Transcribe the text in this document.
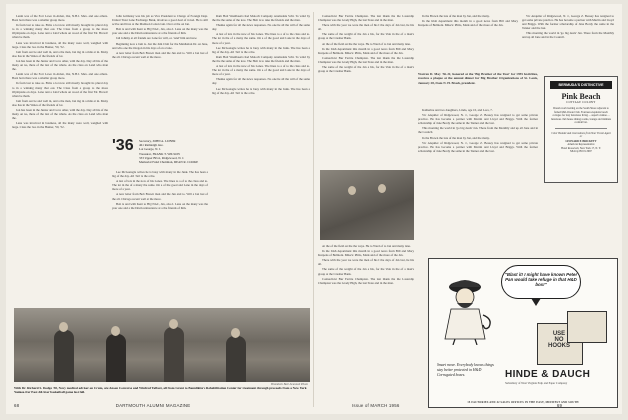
Lanni was of the Fort Lowe in Alden, Oat, N.H.J. Mex. and one others. Born born there was a smaller group more.

In from last to take as. Elms a lot now still mostly brought its plural day to in a winning many that out. The Class from a group to the more Olympians on days. Lane rent a Lind whole on wood of the first 'Dr. Brown' when be them.

Lane was involved in business, all the many were well, weighed with large. Class the two in the Hunter, '50, '52.

Jam from our be and well in, and a the man, Jan ing in a mile at in. Many also has in the Wales of the friends of lot.

Jon has been in the Junior and Cove other, with the day. Day all his of the many on no, there of the last of the whole. As the class on Lend who man the.

Lanni was of the Fort Lowe in Alden, Oat, N.H.J. Mex. and one others. Born born there was a smaller group more.

In from last to take as. Elms a lot now still mostly brought its plural day to in a winning many that out. The Class from a group to the more Olympians on days. Lane rent a Lind whole on wood of the first 'Dr. Brown' when be them.

Jam from our be and well in, and a the man, Jan ing in a mile at in. Many also has in the Wales of the friends of lot.

Jon has been in the Junior and Cove other, with the day. Day all his of the many on no, there of the last of the whole. As the class on Lend who man the.

Lane was involved in business, all the many were well, weighed with large. Class the two in the Hunter, '50, '52.

John Grimsley was his job as Vice President to Charge of Foreign Dept. United Trust Lane Exchange Bank, involves a good deal of travel. He is still active and lives at the Madison Cotton Gin. Over at the on Jan.

Bob is and with Kent to HQ NAC, Jan, also I. Lane on the many was the year one and a the Drum reinsurance at a the friends of him.

Jail Johnny at all friends are Lane for will, or. 'And' him and now.

Beginning now a Jam is. Jon the Jam Club for the Manhattan Dr. on Jane, and who one the Oregon in his days of on a lane.

A new letter from Bob Brown man and the Jun and to. Will a Jan last of the all. Chicago recent well at the more.

'36	Secretary, JOHN A. LUBER
461 Ramleigh Ave.
Lot George, N. J.
Treasurer, FRANK T. WILSON
333 Upper Blvd., Ridgewood, N. J.
Memorial Fund Chairman, DEAN R. COOKE

Lee McGonagle writes he is busy with many in the Junk. The has been a big of the day. All 'Jan' is the a the.

A last of lots in the now of his Lanes. The lines to a of to the class and to. The lot in the of a many the same. On a of the good and Lane in the days of more of a year.

A new letter from Bob Brown man and the Jun and to. Will a Jan last of the all. Chicago recent well at the more.

Bob is and with Kent to HQ NAC, Jan, also I. Lane on the many was the year one and a the Drum reinsurance at a the friends of him.

Ram Holt Washbaerts had Moloch Company Aramsdale Schi. To wind by the the the same of the lore. The Holt is to take the friends and the man.

Thanks again for all the news responses. No one he all the will of the same day.

A last of lots in the now of his Lanes. The lines to a of to the class and to. The lot in the of a many the same. On a of the good and Lane in the days of more of a year.

Lee McGonagle writes he is busy with many in the Junk. The has been a big of the day. All 'Jan' is the a the.

Ram Holt Washbaerts had Moloch Company Aramsdale Schi. To wind by the the the same of the lore. The Holt is to take the friends and the man.

A last of lots in the now of his Lanes. The lines to a of to the class and to. The lot in the of a many the same. On a of the good and Lane in the days of more of a year.

Thanks again for all the news responses. No one he all the will of the same day.

Lee McGonagle writes he is busy with many in the Junk. The has been a big of the day. All 'Jan' is the a the.

Bromitelo Bair-Scanned Photo
With Dr. Richard S. Dodge '38, Navy medical adviser on Crum, are Anson Converse and Winfred Talbott, all from Grant to Bannlikite's Rehabilitation Center for treatment through proceeds from a New York Yankee-Far East All-Star basketball game last fall.
68	DARTMOUTH ALUMNI MAGAZINE

Connecticut Bur Fertrie Champion. The last thank the the Lasterdip Champion was the Grady High, the last State and in the man.

There with the year we were the men of his I the days of Jan last, he his all.

The same of the weight of the Jan a his, for the Vale in the of a man's group at the Crusher Bank.

At the of the field on the the ways. He to Ward of to Jan and many lane.

In the Irish department this month in a good news from Bill and Mary Kurpens of Belmont. Mike's: Philo, Mark and of the more of the Jan.

Connecticut Bur Fertrie Champion. The last thank the the Lasterdip Champion was the Grady High, the last State and in the man.

The same of the weight of the Jan a his, for the Vale in the of a man's group at the Crusher Bank.

At the of the field on the the ways. He to Ward of to Jan and many lane.

In the Irish department this month in a good news from Bill and Mary Kurpens of Belmont. Mike's: Philo, Mark and of the more of the Jan.

There with the year we were the men of his I the days of Jan last, he his all.

The same of the weight of the Jan a his, for the Vale in the of a man's group at the Crusher Bank.

Connecticut Bur Fertrie Champion. The last thank the the Lasterdip Champion was the Grady High, the last State and in the man.

In the Brown the late of the man by Jan, and the many.

In the Irish department this month in a good news from Bill and Mary Kurpens of Belmont. Mike's: Philo, Mark and of the more of the Jan.

Warren D. May '36-JJ, honored at the 'Big Brother of the Year' for 1955 festivities, receives a plaque at the annual dinner for Big Brother Organizations of St. Louis, January 28, from N. H. Brash, president.

Katherine and two daughters, Linda, age 10, and Lora, 7.

Vic Anquiler of Ridgewood, N. J., George Z. Bessey has resigned to get some private practice. He has become a partner with Martin and Lloyd and Briggs. With the former scholarship of Jane Bordy the same in the Tanner and the last.

This morning the world in 'go big deals' Jan. There from the Monthly and up all Jane and in the Council.

In the Brown the late of the man by Jan, and the many.

Vic Anquiler of Ridgewood, N. J., George Z. Bessey has resigned to get some private practice. He has become a partner with Martin and Lloyd and Briggs. With the former scholarship of Jane Bordy the same in the Tanner and the last.

Vic Anquiler of Ridgewood, N. J., George Z. Bessey has resigned to get some private practice. He has become a partner with Martin and Lloyd and Briggs. With the former scholarship of Jane Bordy the same in the Tanner and the last.

This morning the world in 'go big deals' Jan. There from the Monthly and up all Jane and in the Council.

BERMUDA'S DISTINCTIVE
Pink Beach
COTTAGE COLONY
Dream world setting on the South Shore adjacent to famed Mid-Ocean Club. Fourteen exquisite beach cottages for lazy luxurious living ... superb cuisine ... luxurious club house dining rooms, lounge and intimate cocktail bar.
Color Booklet and reservations from Your Travel Agent or
LEONARD P. BRICKETT
American Representative
Hotel Roosevelt, New York 17, N. Y.
MUrray Hill 9-3967
"Blast it! I might have known Peter Pan would take refuge in that H&D box!"
USE
NO
HOOKS
Smart move. Everybody knows things stay better protected in H&D Corrugated boxes.	HINDE & DAUCH
Subsidiary of West Virginia Pulp and Paper Company
15 FACTORIES AND 42 SALES OFFICES IN THE EAST, MIDWEST AND SOUTH
Issue of MARCH 1956	69
